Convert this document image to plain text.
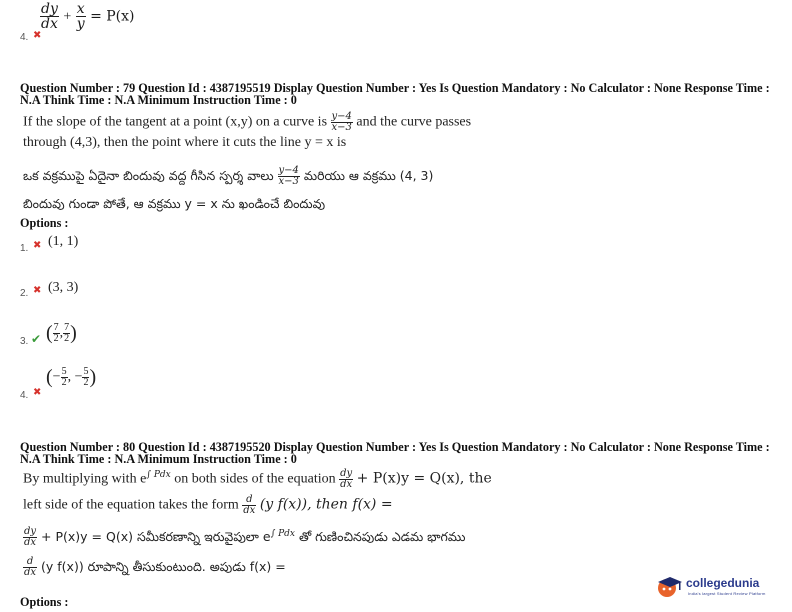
$\frac{dy}{dx} + \frac{x}{y} = P(x)$
4. ✖
Question Number : 79 Question Id : 4387195519 Display Question Number : Yes Is Question Mandatory : No Calculator : None Response Time :
N.A Think Time : N.A Minimum Instruction Time : 0
If the slope of the tangent at a point (x,y) on a curve is $\frac{y-4}{x-3}$ and the curve passes
through (4,3), then the point where it cuts the line y = x is
ఒక వక్రముపై ఏదైనా బిందువు వద్ద గీసిన స్పర్శ వాలు $\frac{y-4}{x-3}$ మరియు ఆ వక్రము (4, 3)
బిందువు గుండా పోతే, ఆ వక్రము y = x ను ఖండించే బిందువు
Options :
1. ✖ (1, 1)
2. ✖ (3, 3)
3. ✔ ( $\frac{7}{2}$ , $\frac{7}{2}$ )
4. ✖
(− $\frac{5}{2}$ , − $\frac{5}{2}$ )
Question Number : 80 Question Id : 4387195520 Display Question Number : Yes Is Question Mandatory : No Calculator : None Response Time :
N.A Think Time : N.A Minimum Instruction Time : 0
By multiplying with $e^{\int Pdx}$ on both sides of the equation $\frac{dy}{dx} + P(x)y = Q(x)$, the
left side of the equation takes the form $\frac{d}{dx} (y$ f(x)), then f(x) =
$\frac{dy}{dx} + P(x)y = Q(x)$ సమీకరణాన్ని ఇరువైపులా $e^{\int Pdx}$ తో గుణించినపుడు ఎడమ భాగము
$\frac{d}{dx} (y$ f(x)) రూపాన్ని తీసుకుంటుంది. అపుడు f(x) =
Options :
collegedunia
India's largest Student Review Platform
